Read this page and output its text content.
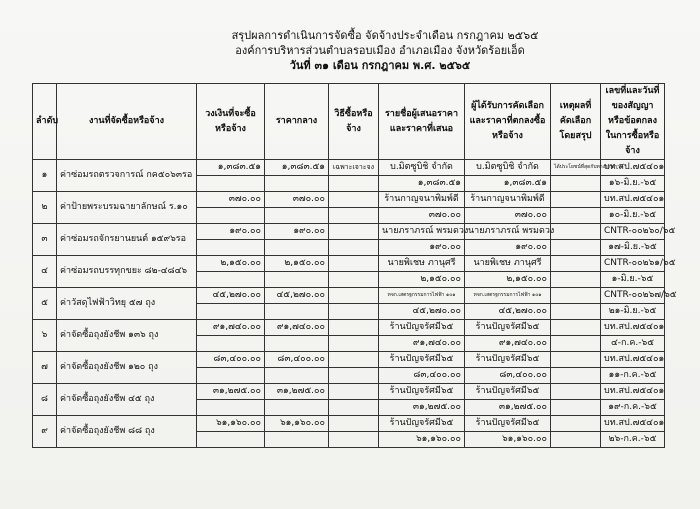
สรุปผลการดำเนินการจัดซื้อ จัดจ้างประจำเดือน กรกฎาคม ๒๕๖๕
องค์การบริหารส่วนตำบลรอบเมือง อำเภอเมือง จังหวัดร้อยเอ็ด
วันที่ ๓๑ เดือน กรกฎาคม พ.ศ. ๒๕๖๕
ลำดับ	งานที่จัดซื้อหรือจ้าง	วงเงินที่จะซื้อหรือจ้าง	ราคากลาง	วิธีซื้อหรือจ้าง	รายชื่อผู้เสนอราคาและราคาที่เสนอ	ผู้ได้รับการคัดเลือกและราคาที่ตกลงซื้อหรือจ้าง	เหตุผลที่คัดเลือกโดยสรุป	เลขที่และวันที่ของสัญญาหรือข้อตกลงในการซื้อหรือจ้าง
๑	ค่าซ่อมรถตรวจการณ์ กค๕๐๖๓รอ	๑,๓๘๓.๕๑	๑,๓๘๓.๕๑	เฉพาะเจาะจง	บ.มิตซูบิชิ จำกัด	บ.มิตซูบิชิ จำกัด	ได้ประโยชน์ที่สุดกับทางราชการ	บท.สป.๗๕๔๐๑
					๑,๓๘๓.๕๑	๑,๓๘๓.๕๑		๑๖-มิ.ย.-๖๕
๒	ค่าป้ายพระบรมฉายาลักษณ์ ร.๑๐	๓๗๐.๐๐	๓๗๐.๐๐		ร้านกาญจนาพิมพ์ดี	ร้านกาญจนาพิมพ์ดี		บท.สป.๗๕๔๐๑
					๓๗๐.๐๐	๓๗๐.๐๐		๑๐-มิ.ย.-๖๕
๓	ค่าซ่อมรถจักรยานยนต์ ๑๕๙๖รอ	๑๙๐.๐๐	๑๙๐.๐๐		นายภราภรณ์ พรมดวง	นายภราภรณ์ พรมดวง		CNTR-๐๐๒๖๐/๖๕
					๑๙๐.๐๐	๑๙๐.๐๐		๑๗-มิ.ย.-๖๕
๔	ค่าซ่อมรถบรรทุกขยะ ๘๒-๔๘๔๖	๒,๑๕๐.๐๐	๒,๑๕๐.๐๐		นายพิเชษ ภานุศรี	นายพิเชษ ภานุศรี		CNTR-๐๐๒๖๑/๖๕
					๒,๑๕๐.๐๐	๒,๑๕๐.๐๐		๑-มิ.ย.-๖๕
๕	ค่าวัสดุไฟฟ้าวิทยุ ๕๗ ถุง	๔๕,๒๗๐.๐๐	๔๕,๒๗๐.๐๐		หจก.เสตรฐกรรมการไฟฟ้า ๑๐๑	หจก.เสตรฐกรรมการไฟฟ้า ๑๐๑		CNTR-๐๐๒๖๗/๖๕
					๔๕,๒๗๐.๐๐	๔๕,๒๗๐.๐๐		๒๑-มิ.ย.-๖๕
๖	ค่าจัดซื้อถุงยังชีพ ๑๓๖ ถุง	๙๑,๗๔๐.๐๐	๙๑,๗๔๐.๐๐		ร้านปัญจรัศมี๖๕	ร้านปัญจรัศมี๖๕		บท.สป.๗๕๔๐๑
					๙๑,๗๔๐.๐๐	๙๑,๗๔๐.๐๐		๔-ก.ค.-๖๕
๗	ค่าจัดซื้อถุงยังชีพ ๑๒๐ ถุง	๘๓,๔๐๐.๐๐	๘๓,๔๐๐.๐๐		ร้านปัญจรัศมี๖๕	ร้านปัญจรัศมี๖๕		บท.สป.๗๕๔๐๑
					๘๓,๔๐๐.๐๐	๘๓,๔๐๐.๐๐		๑๑-ก.ค.-๖๕
๘	ค่าจัดซื้อถุงยังชีพ ๔๕ ถุง	๓๑,๒๗๕.๐๐	๓๑,๒๗๕.๐๐		ร้านปัญจรัศมี๖๕	ร้านปัญจรัศมี๖๕		บท.สป.๗๕๔๐๑
					๓๑,๒๗๕.๐๐	๓๑,๒๗๕.๐๐		๑๙-ก.ค.-๖๕
๙	ค่าจัดซื้อถุงยังชีพ ๘๘ ถุง	๖๑,๑๖๐.๐๐	๖๑,๑๖๐.๐๐		ร้านปัญจรัศมี๖๕	ร้านปัญจรัศมี๖๕		บท.สป.๗๕๔๐๑
					๖๑,๑๖๐.๐๐	๖๑,๑๖๐.๐๐		๒๖-ก.ค.-๖๕
